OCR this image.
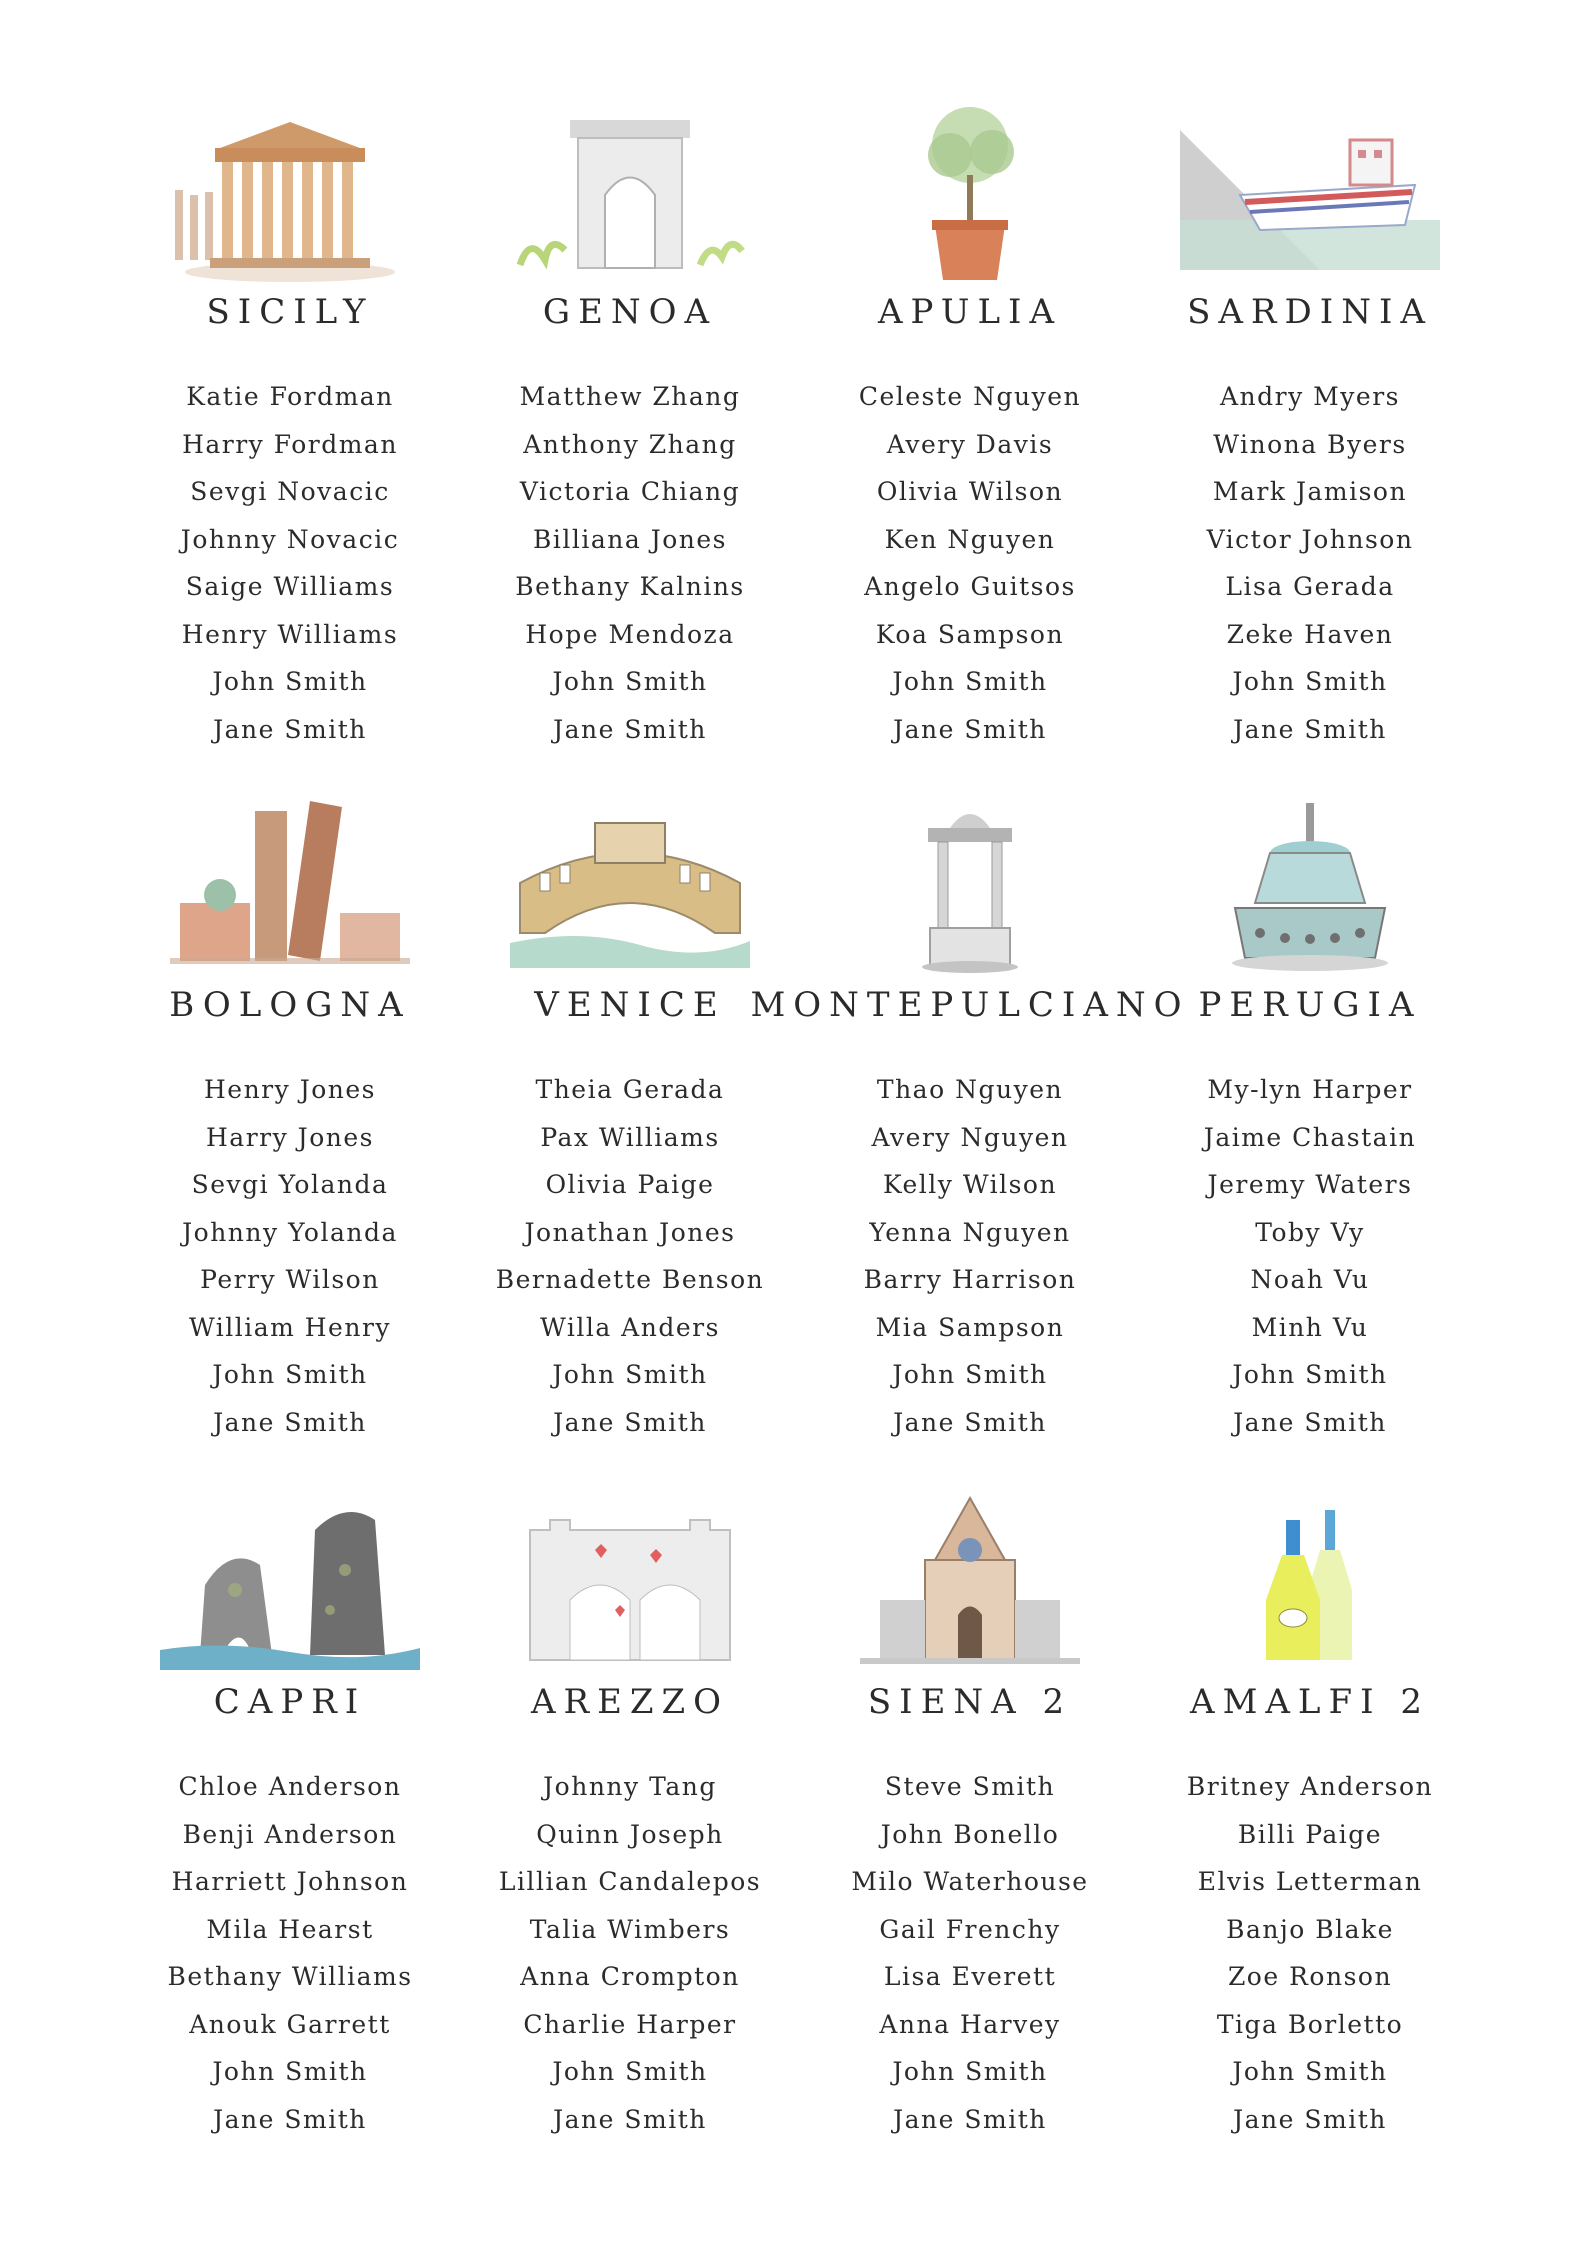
SICILY
Katie Fordman
Harry Fordman
Sevgi Novacic
Johnny Novacic
Saige Williams
Henry Williams
John Smith
Jane Smith
GENOA
Matthew Zhang
Anthony Zhang
Victoria Chiang
Billiana Jones
Bethany Kalnins
Hope Mendoza
John Smith
Jane Smith
APULIA
Celeste Nguyen
Avery Davis
Olivia Wilson
Ken Nguyen
Angelo Guitsos
Koa Sampson
John Smith
Jane Smith
SARDINIA
Andry Myers
Winona Byers
Mark Jamison
Victor Johnson
Lisa Gerada
Zeke Haven
John Smith
Jane Smith
BOLOGNA
Henry Jones
Harry Jones
Sevgi Yolanda
Johnny Yolanda
Perry Wilson
William Henry
John Smith
Jane Smith
VENICE
Theia Gerada
Pax Williams
Olivia Paige
Jonathan Jones
Bernadette Benson
Willa Anders
John Smith
Jane Smith
MONTEPULCIANO
Thao Nguyen
Avery Nguyen
Kelly Wilson
Yenna Nguyen
Barry Harrison
Mia Sampson
John Smith
Jane Smith
PERUGIA
My-lyn Harper
Jaime Chastain
Jeremy Waters
Toby Vy
Noah Vu
Minh Vu
John Smith
Jane Smith
CAPRI
Chloe Anderson
Benji Anderson
Harriett Johnson
Mila Hearst
Bethany Williams
Anouk Garrett
John Smith
Jane Smith
AREZZO
Johnny Tang
Quinn Joseph
Lillian Candalepos
Talia Wimbers
Anna Crompton
Charlie Harper
John Smith
Jane Smith
SIENA 2
Steve Smith
John Bonello
Milo Waterhouse
Gail Frenchy
Lisa Everett
Anna Harvey
John Smith
Jane Smith
AMALFI 2
Britney Anderson
Billi Paige
Elvis Letterman
Banjo Blake
Zoe Ronson
Tiga Borletto
John Smith
Jane Smith
